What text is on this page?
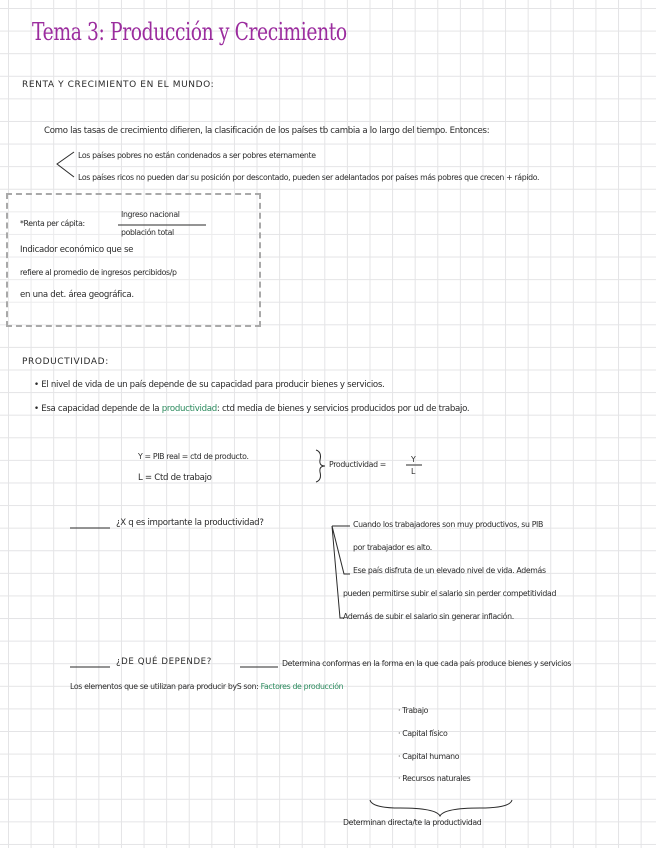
Tema 3: Producción y Crecimiento
RENTA Y CRECIMIENTO EN EL MUNDO:
Como las tasas de crecimiento difieren, la clasificación de los países tb cambia a lo largo del tiempo. Entonces:
Los países pobres no están condenados a ser pobres eternamente
Los países ricos no pueden dar su posición por descontado, pueden ser adelantados por países más pobres que crecen + rápido.
*Renta per cápita:
Ingreso nacional
población total
Indicador económico que se
refiere al promedio de ingresos percibidos/p
en una det. área geográfica.
PRODUCTIVIDAD:
• El nivel de vida de un país depende de su capacidad para producir bienes y servicios.
• Esa capacidad depende de la productividad: ctd media de bienes y servicios producidos por ud de trabajo.
Y = PIB real = ctd de producto.
L = Ctd de trabajo
Productividad =
Y
L
¿X q es importante la productividad?	Cuando los trabajadores son muy productivos, su PIB
por trabajador es alto.
Ese país disfruta de un elevado nivel de vida. Además
pueden permitirse subir el salario sin perder competitividad
Además de subir el salario sin generar inflación.
¿DE QUÉ DEPENDE?	Determina conformas en la forma en la que cada país produce bienes y servicios
Los elementos que se utilizan para producir byS son: Factores de producción
· Trabajo
· Capital físico
· Capital humano
· Recursos naturales
Determinan directa/te la productividad
